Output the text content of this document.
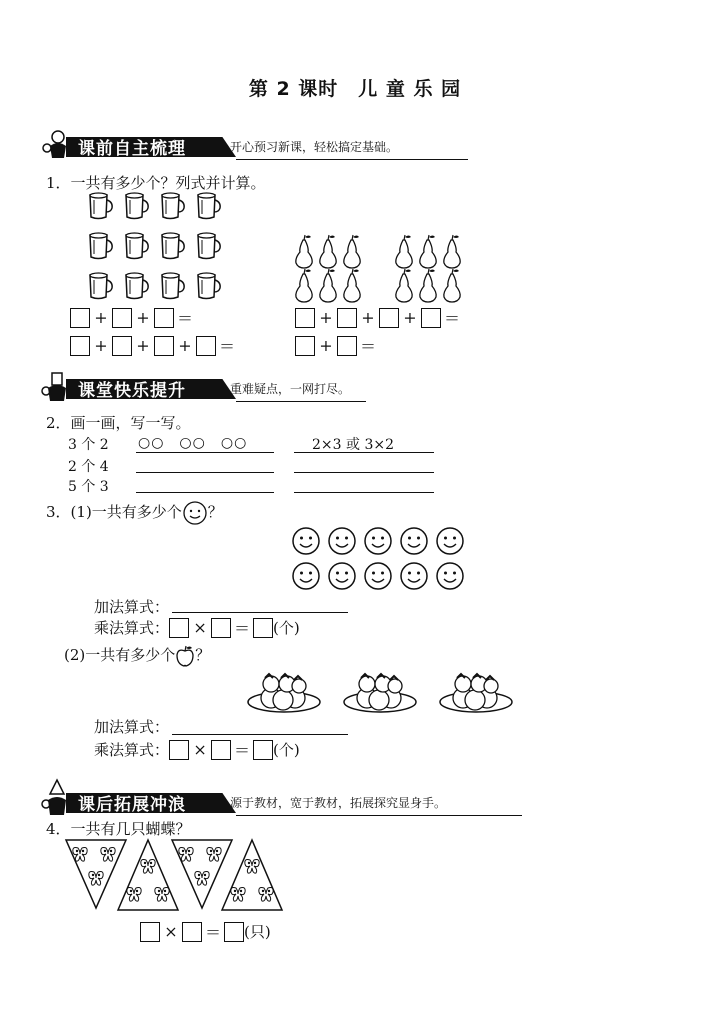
第 2 课时　儿 童 乐 园
课前自主梳理	开心预习新课，轻松搞定基础。
1．一共有多少个？列式并计算。
+ + ＝	+ + + ＝
+ + + ＝	+ ＝
课堂快乐提升	重难疑点，一网打尽。
2．画一画，写一写。
3 个 2 ○○　○○　○○	2×3 或 3×2
2 个 4
5 个 3
3．(1)一共有多少个 ？
加法算式：
乘法算式： × ＝ (个)
(2)一共有多少个 ？
加法算式：
乘法算式： × ＝ (个)
课后拓展冲浪	源于教材，宽于教材，拓展探究显身手。
4．一共有几只蝴蝶？
× ＝ (只)
